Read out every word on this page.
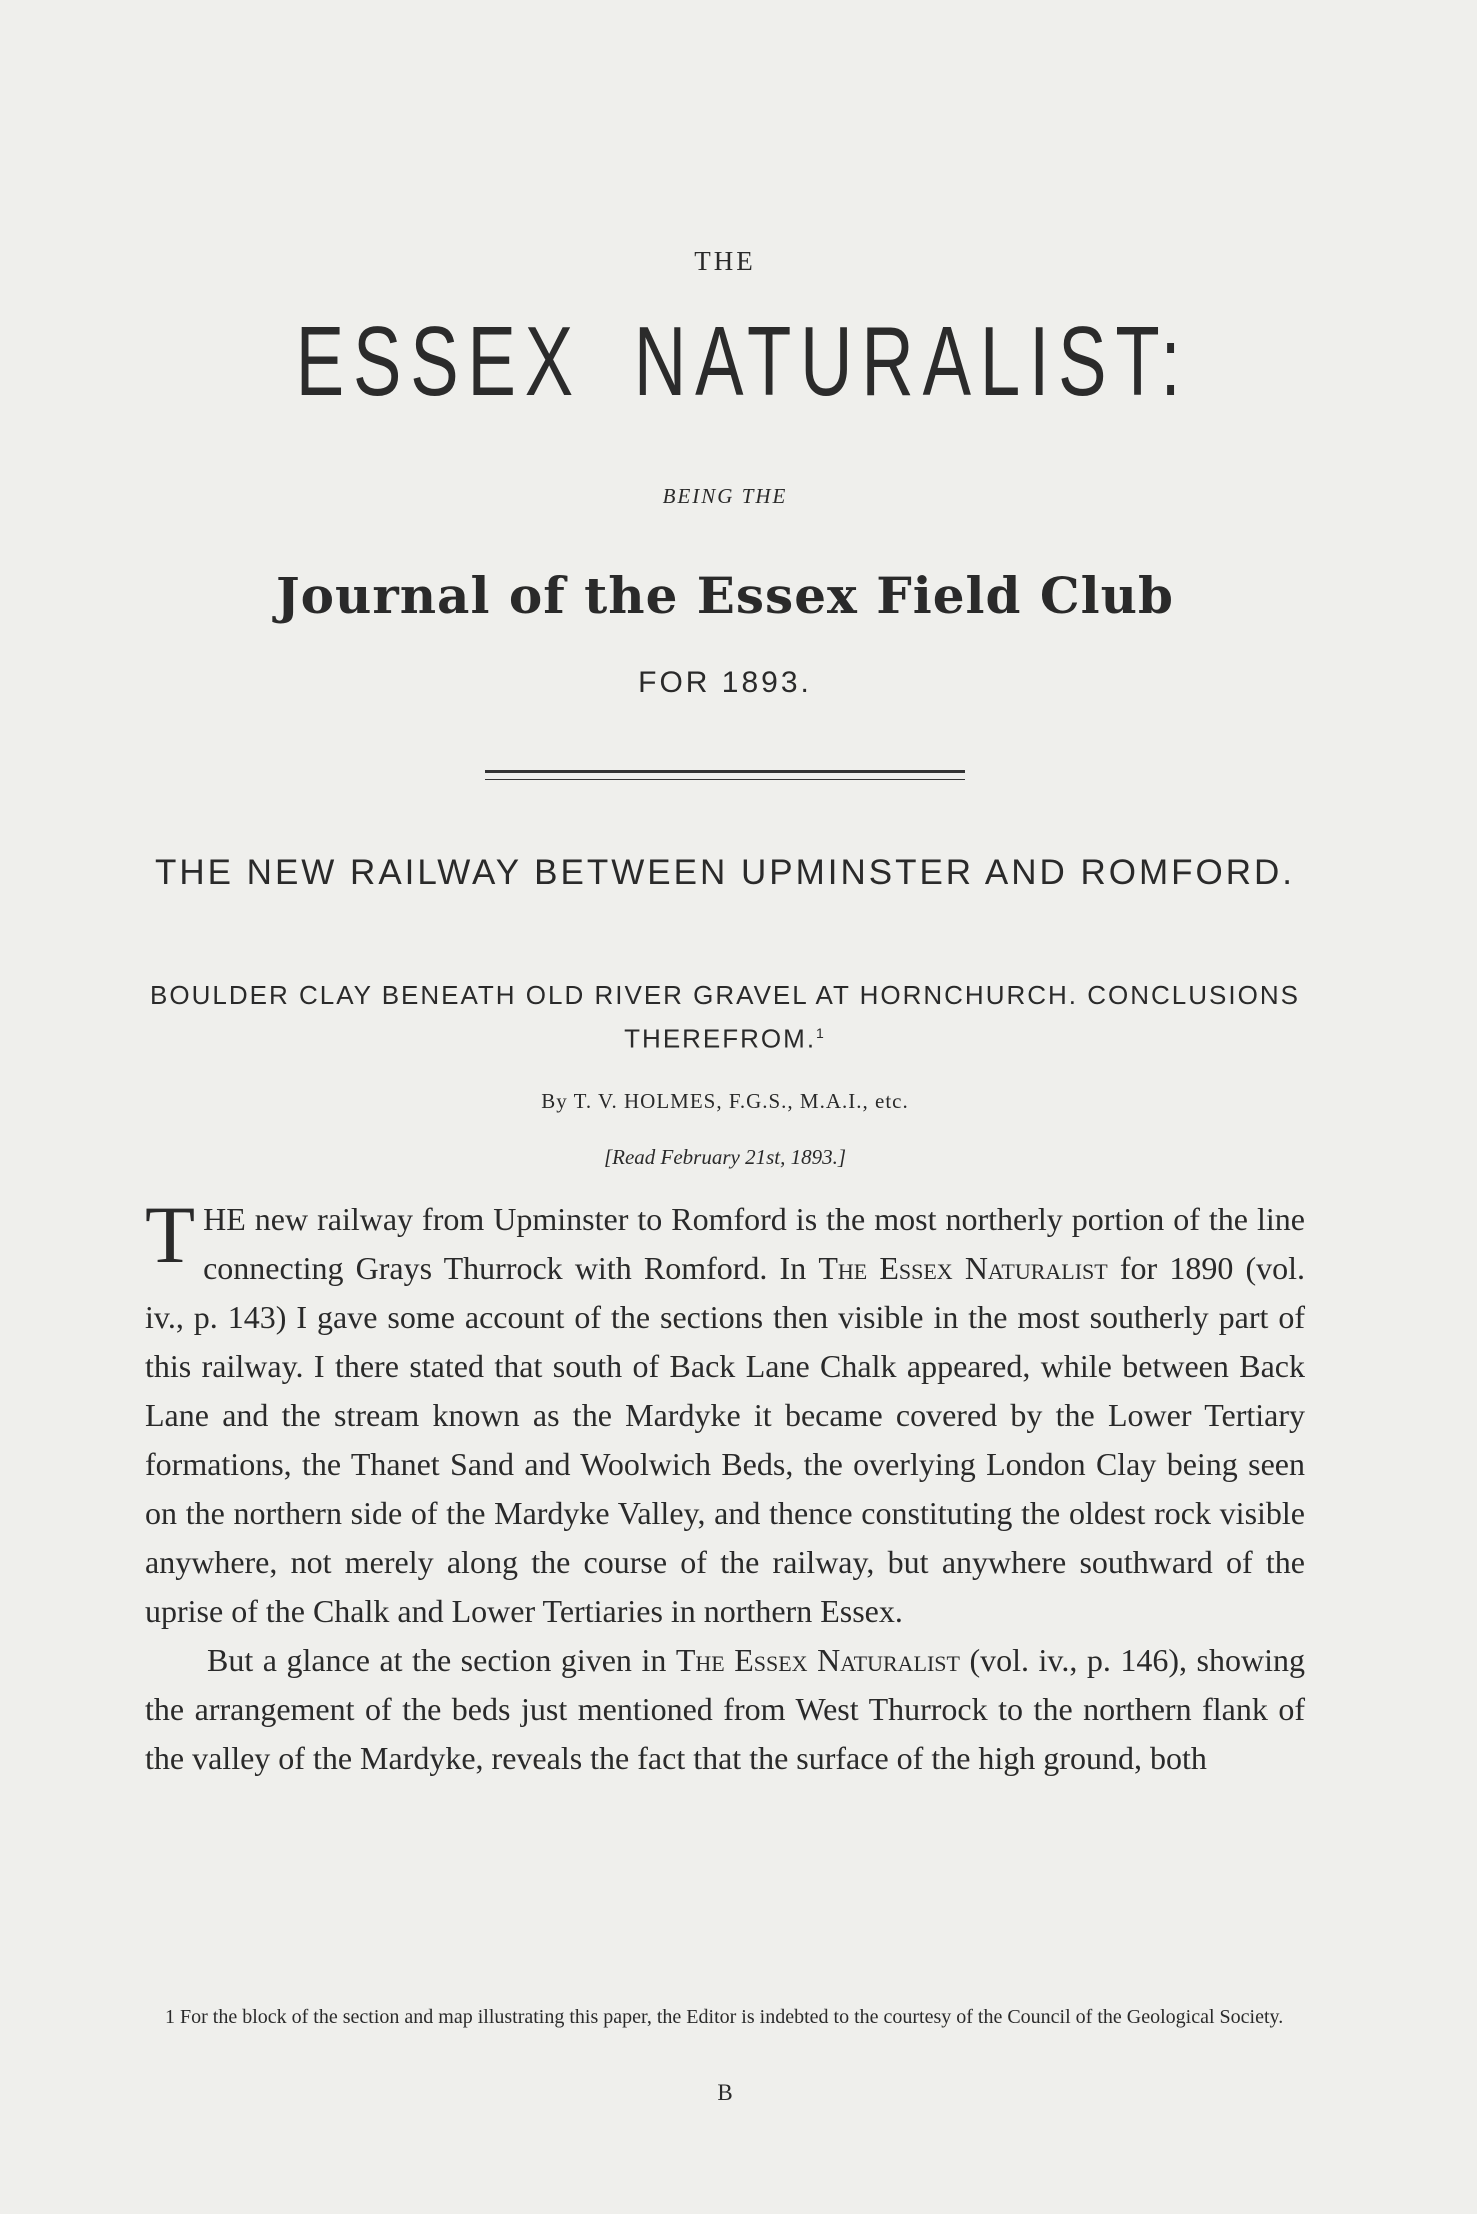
THE
ESSEX NATURALIST:
BEING THE
Journal of the Essex Field Club
FOR 1893.
THE NEW RAILWAY BETWEEN UPMINSTER AND ROMFORD.
BOULDER CLAY BENEATH OLD RIVER GRAVEL AT HORNCHURCH. CONCLUSIONS THEREFROM.$^1$
By T. V. HOLMES, F.G.S., M.A.I., etc.
[Read February 21st, 1893.]

THE new railway from Upminster to Romford is the most northerly portion of the line connecting Grays Thurrock with Romford. In The Essex Naturalist for 1890 (vol. iv., p. 143) I gave some account of the sections then visible in the most southerly part of this railway. I there stated that south of Back Lane Chalk appeared, while between Back Lane and the stream known as the Mardyke it became covered by the Lower Tertiary formations, the Thanet Sand and Woolwich Beds, the overlying London Clay being seen on the northern side of the Mardyke Valley, and thence constituting the oldest rock visible anywhere, not merely along the course of the railway, but anywhere southward of the uprise of the Chalk and Lower Tertiaries in northern Essex.

But a glance at the section given in The Essex Naturalist (vol. iv., p. 146), showing the arrangement of the beds just mentioned from West Thurrock to the northern flank of the valley of the Mardyke, reveals the fact that the surface of the high ground, both

1 For the block of the section and map illustrating this paper, the Editor is indebted to the courtesy of the Council of the Geological Society.
B
